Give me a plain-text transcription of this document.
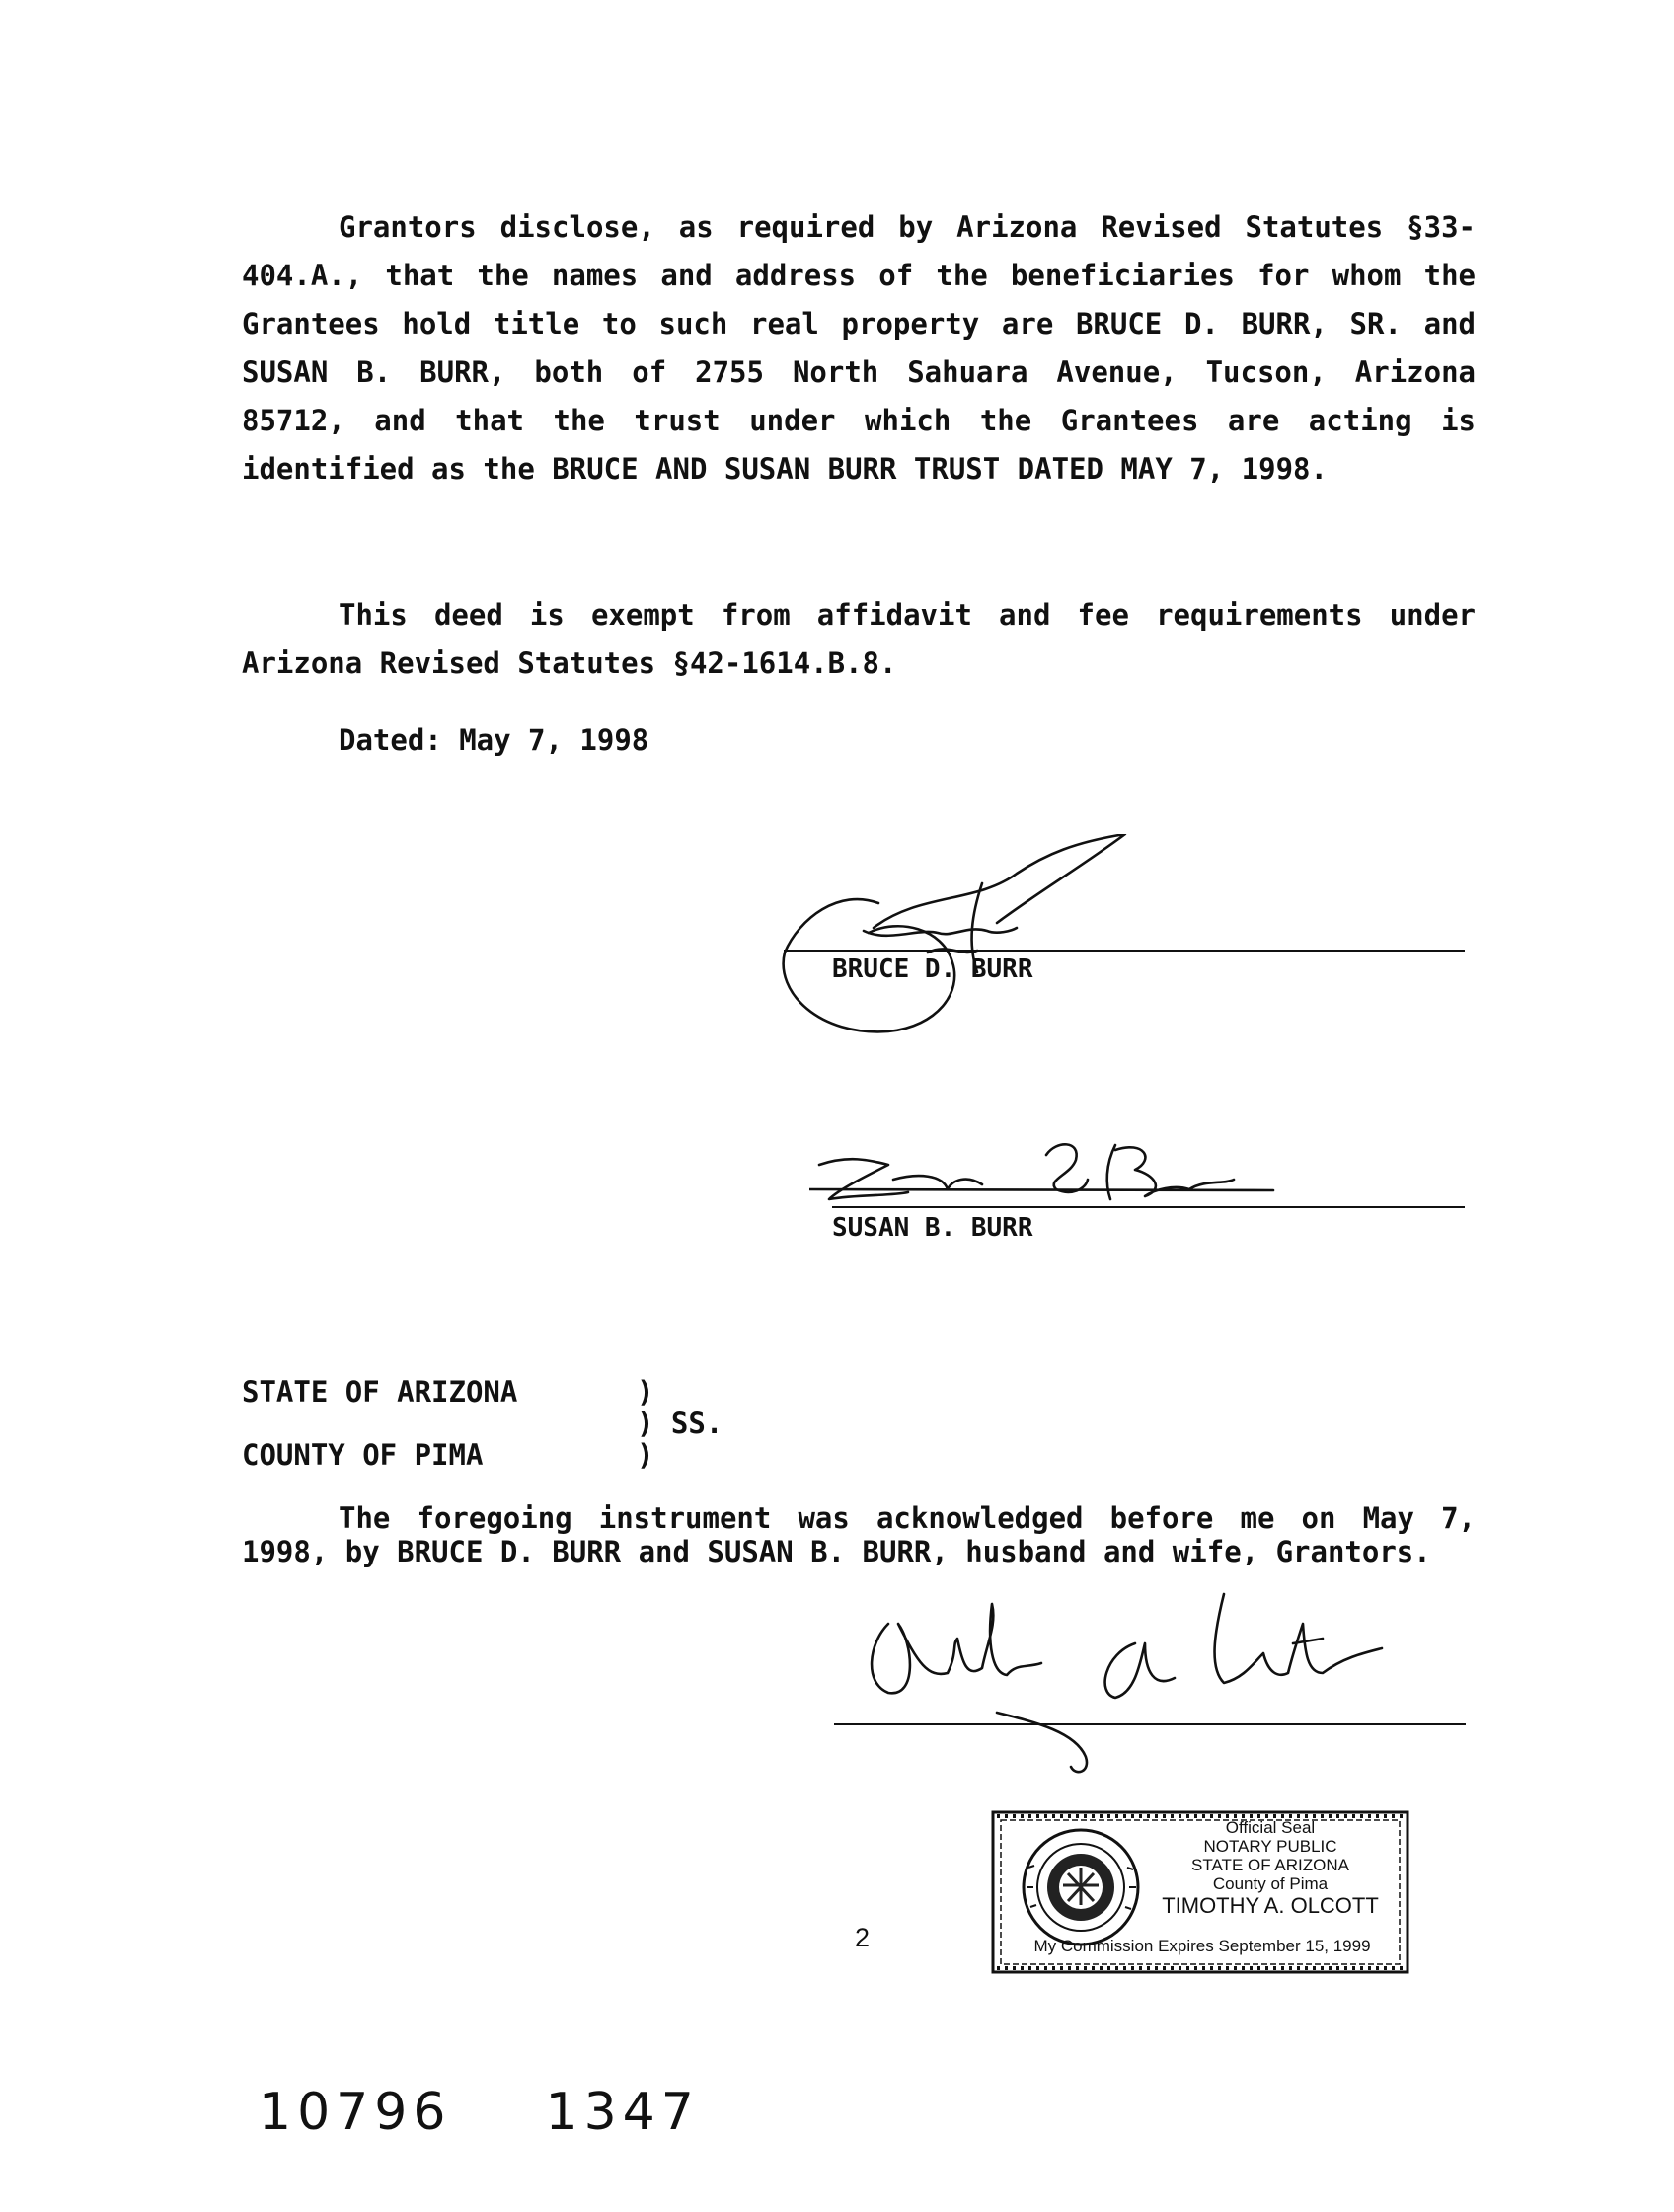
Grantors disclose, as required by Arizona Revised Statutes §33-404.A., that the names and address of the beneficiaries for whom the Grantees hold title to such real property are BRUCE D. BURR, SR. and SUSAN B. BURR, both of 2755 North Sahuara Avenue, Tucson, Arizona 85712, and that the trust under which the Grantees are acting is identified as the BRUCE AND SUSAN BURR TRUST DATED MAY 7, 1998.

This deed is exempt from affidavit and fee requirements under Arizona Revised Statutes §42-1614.B.8.

Dated: May 7, 1998
BRUCE D. BURR
SUSAN B. BURR
STATE OF ARIZONA	)
) SS.
COUNTY OF PIMA	)

The foregoing instrument was acknowledged before me on May 7, 1998, by BRUCE D. BURR and SUSAN B. BURR, husband and wife, Grantors.

Official Seal
NOTARY PUBLIC
STATE OF ARIZONA
County of Pima
TIMOTHY A. OLCOTT
My Commission Expires September 15, 1999
2
10796 1347
